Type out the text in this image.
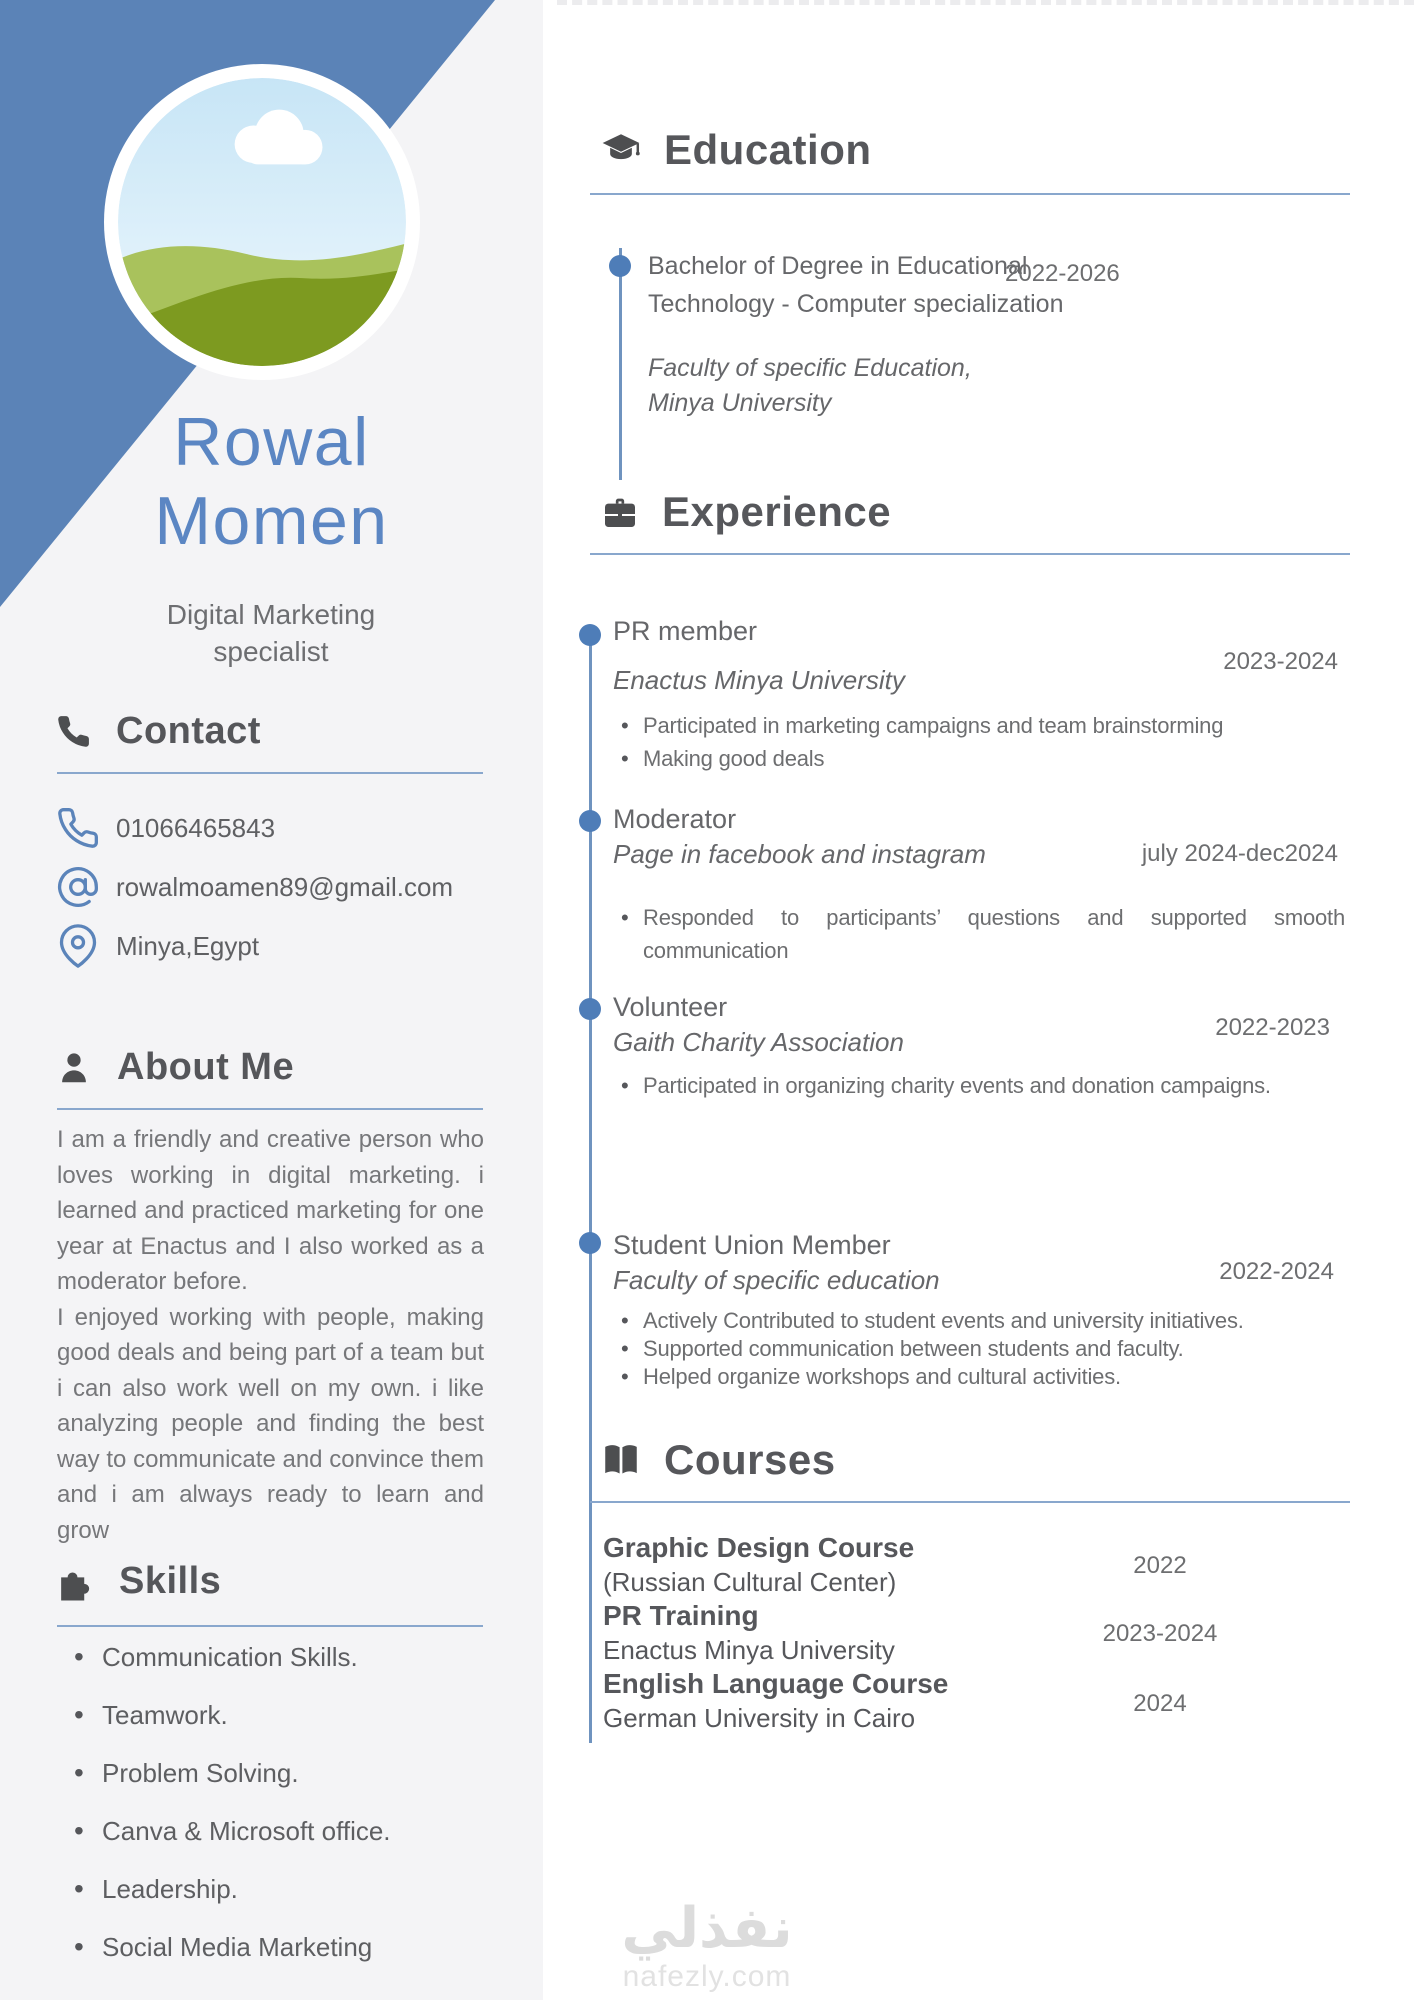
Rowal
Momen
Digital Marketing specialist
Contact
01066465843
rowalmoamen89@gmail.com
Minya,Egypt
About Me

I am a friendly and creative person who loves working in digital marketing. i learned and practiced marketing for one year at Enactus and I also worked as a moderator before.

I enjoyed working with people, making good deals and being part of a team but i can also work well on my own. i like analyzing people and finding the best way to communicate and convince them and i am always ready to learn and grow

Skills
• Communication Skills.
• Teamwork.
• Problem Solving.
• Canva & Microsoft office.
• Leadership.
• Social Media Marketing
Education
Bachelor of Degree in Educational Technology - Computer specialization
Faculty of specific Education,
Minya University
2022-2026
Experience
PR member
Enactus Minya University
• Participated in marketing campaigns and team brainstorming
• Making good deals
2023-2024
Moderator
Page in facebook and instagram
• Responded to participants’ questions and supported smooth communication
july 2024-dec2024
Volunteer
Gaith Charity Association
• Participated in organizing charity events and donation campaigns.
2022-2023
Student Union Member
Faculty of specific education
• Actively Contributed to student events and university initiatives.
• Supported communication between students and faculty.
• Helped organize workshops and cultural activities.
2022-2024
Courses
Graphic Design Course
(Russian Cultural Center)
PR Training
Enactus Minya University
English Language Course
German University in Cairo
2022
2023-2024
2024
نفذلي
nafezly.com
